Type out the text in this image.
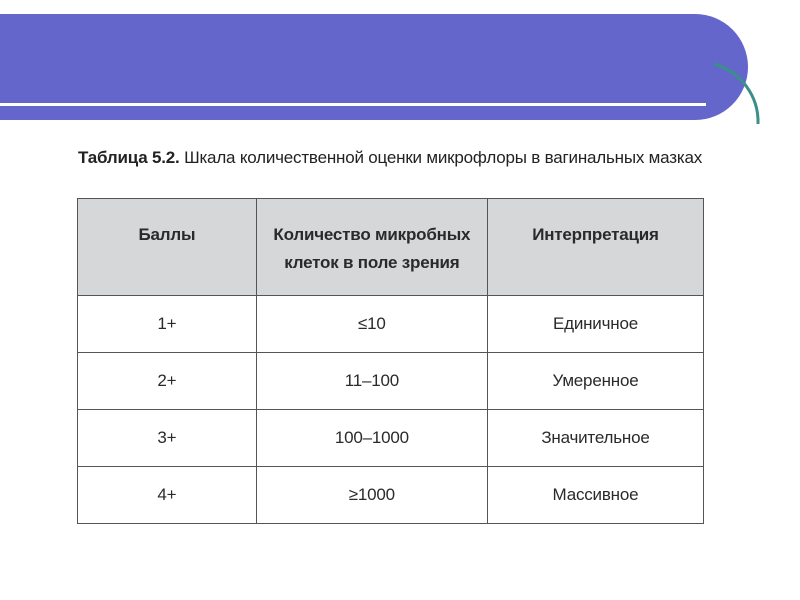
Таблица 5.2. Шкала количественной оценки микрофлоры в вагинальных мазках
Баллы	Количество микробных клеток в поле зрения	Интерпретация

1+	≤10	Единичное
2+	11–100	Умеренное
3+	100–1000	Значительное
4+	≥1000	Массивное
